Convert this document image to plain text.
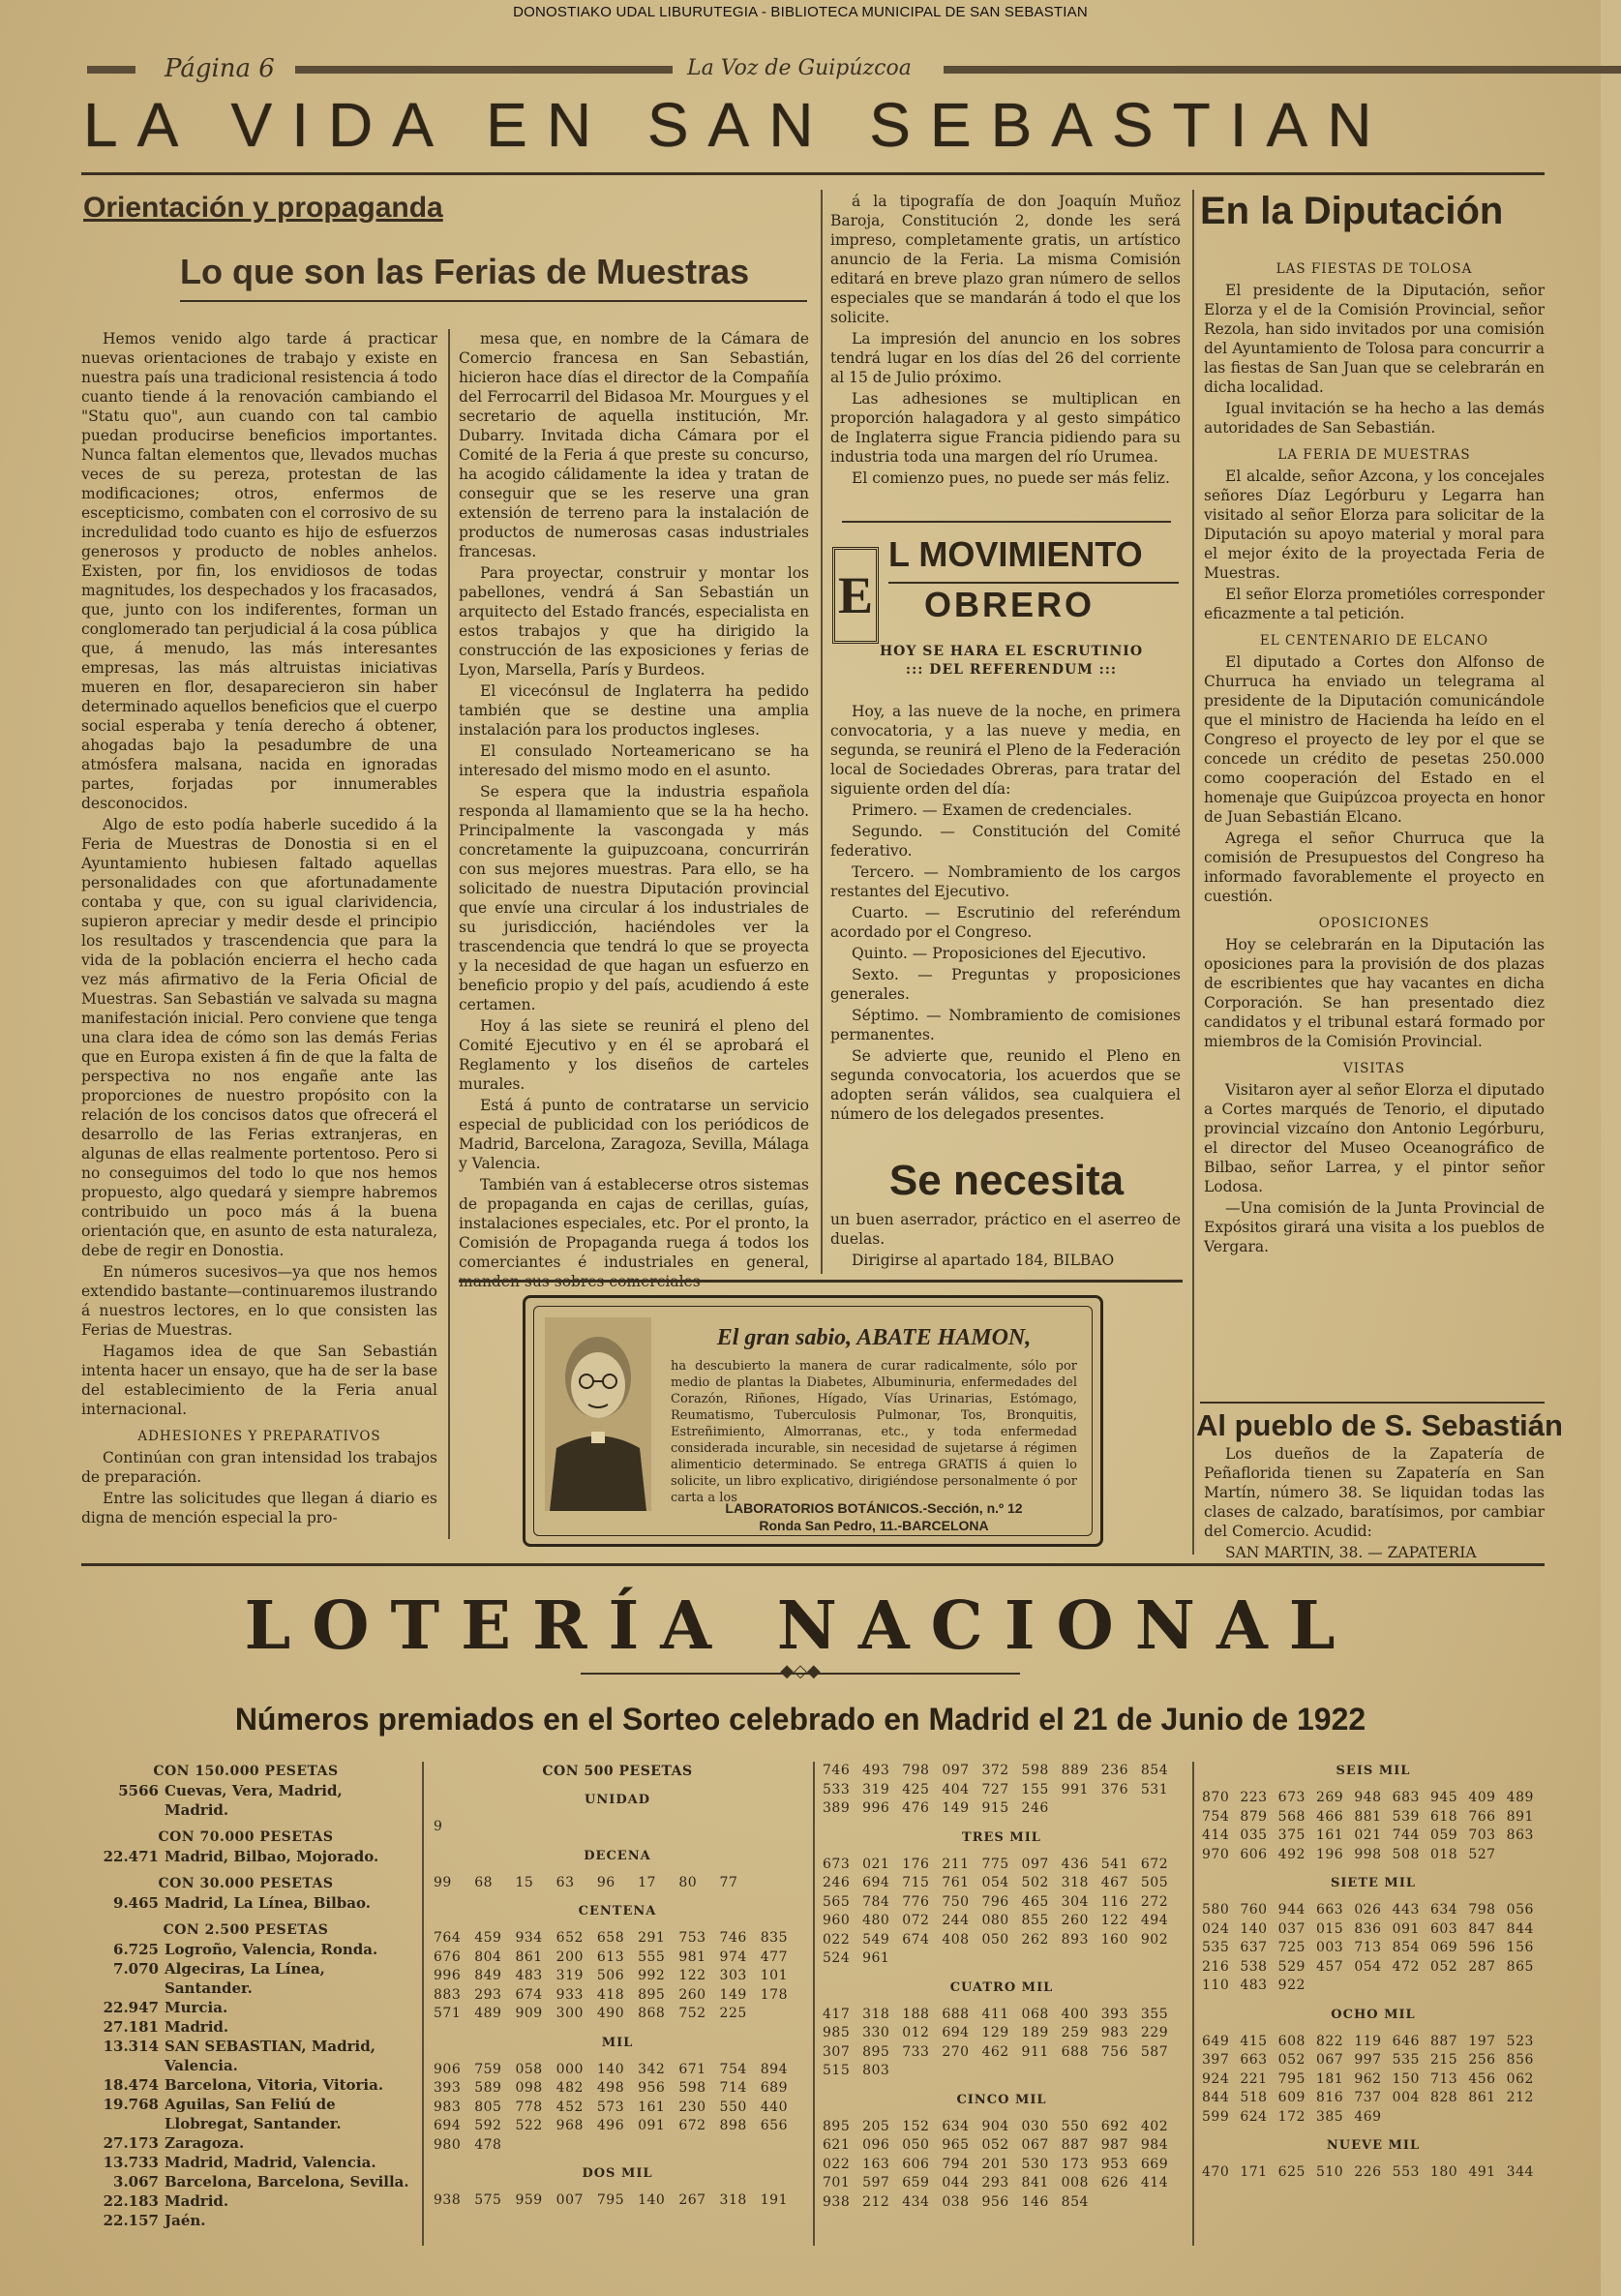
DONOSTIAKO UDAL LIBURUTEGIA - BIBLIOTECA MUNICIPAL DE SAN SEBASTIAN
Página 6	La Voz de Guipúzcoa
LA VIDA EN SAN SEBASTIAN
Orientación y propaganda
Lo que son las Ferias de Muestras

Hemos venido algo tarde á practicar nuevas orientaciones de trabajo y existe en nuestra país una tradicional resistencia á todo cuanto tiende á la renovación cambiando el "Statu quo", aun cuando con tal cambio puedan producirse beneficios importantes. Nunca faltan elementos que, llevados muchas veces de su pereza, protestan de las modificaciones; otros, enfermos de escepticismo, combaten con el corrosivo de su incredulidad todo cuanto es hijo de esfuerzos generosos y producto de nobles anhelos. Existen, por fin, los envidiosos de todas magnitudes, los despechados y los fracasados, que, junto con los indiferentes, forman un conglomerado tan perjudicial á la cosa pública que, á menudo, las más interesantes empresas, las más altruistas iniciativas mueren en flor, desaparecieron sin haber determinado aquellos beneficios que el cuerpo social esperaba y tenía derecho á obtener, ahogadas bajo la pesadumbre de una atmósfera malsana, nacida en ignoradas partes, forjadas por innumerables desconocidos.

Algo de esto podía haberle sucedido á la Feria de Muestras de Donostia si en el Ayuntamiento hubiesen faltado aquellas personalidades con que afortunadamente contaba y que, con su igual clarividencia, supieron apreciar y medir desde el principio los resultados y trascendencia que para la vida de la población encierra el hecho cada vez más afirmativo de la Feria Oficial de Muestras. San Sebastián ve salvada su magna manifestación inicial. Pero conviene que tenga una clara idea de cómo son las demás Ferias que en Europa existen á fin de que la falta de perspectiva no nos engañe ante las proporciones de nuestro propósito con la relación de los concisos datos que ofrecerá el desarrollo de las Ferias extranjeras, en algunas de ellas realmente portentoso. Pero si no conseguimos del todo lo que nos hemos propuesto, algo quedará y siempre habremos contribuido un poco más á la buena orientación que, en asunto de esta naturaleza, debe de regir en Donostia.

En números sucesivos—ya que nos hemos extendido bastante—continuaremos ilustrando á nuestros lectores, en lo que consisten las Ferias de Muestras.

Hagamos idea de que San Sebastián intenta hacer un ensayo, que ha de ser la base del establecimiento de la Feria anual internacional.

ADHESIONES Y PREPARATIVOS

Continúan con gran intensidad los trabajos de preparación.

Entre las solicitudes que llegan á diario es digna de mención especial la pro-

mesa que, en nombre de la Cámara de Comercio francesa en San Sebastián, hicieron hace días el director de la Compañía del Ferrocarril del Bidasoa Mr. Mourgues y el secretario de aquella institución, Mr. Dubarry. Invitada dicha Cámara por el Comité de la Feria á que preste su concurso, ha acogido cálidamente la idea y tratan de conseguir que se les reserve una gran extensión de terreno para la instalación de productos de numerosas casas industriales francesas.

Para proyectar, construir y montar los pabellones, vendrá á San Sebastián un arquitecto del Estado francés, especialista en estos trabajos y que ha dirigido la construcción de las exposiciones y ferias de Lyon, Marsella, París y Burdeos.

El vicecónsul de Inglaterra ha pedido también que se destine una amplia instalación para los productos ingleses.

El consulado Norteamericano se ha interesado del mismo modo en el asunto.

Se espera que la industria española responda al llamamiento que se la ha hecho. Principalmente la vascongada y más concretamente la guipuzcoana, concurrirán con sus mejores muestras. Para ello, se ha solicitado de nuestra Diputación provincial que envíe una circular á los industriales de su jurisdicción, haciéndoles ver la trascendencia que tendrá lo que se proyecta y la necesidad de que hagan un esfuerzo en beneficio propio y del país, acudiendo á este certamen.

Hoy á las siete se reunirá el pleno del Comité Ejecutivo y en él se aprobará el Reglamento y los diseños de carteles murales.

Está á punto de contratarse un servicio especial de publicidad con los periódicos de Madrid, Barcelona, Zaragoza, Sevilla, Málaga y Valencia.

También van á establecerse otros sistemas de propaganda en cajas de cerillas, guías, instalaciones especiales, etc. Por el pronto, la Comisión de Propaganda ruega á todos los comerciantes é industriales en general,

á la tipografía de don Joaquín Muñoz Baroja, Constitución 2, donde les será impreso, completamente gratis, un artístico anuncio de la Feria. La misma Comisión editará en breve plazo gran número de sellos especiales que se mandarán á todo el que los solicite.

La impresión del anuncio en los sobres tendrá lugar en los días del 26 del corriente al 15 de Julio próximo.

Las adhesiones se multiplican en proporción halagadora y al gesto simpático de Inglaterra sigue Francia pidiendo para su industria toda una margen del río Urumea.

El comienzo pues, no puede ser más feliz.

E
L MOVIMIENTO
OBRERO
HOY SE HARA EL ESCRUTINIO
::: DEL REFERENDUM :::

Hoy, a las nueve de la noche, en primera convocatoria, y a las nueve y media, en segunda, se reunirá el Pleno de la Federación local de Sociedades Obreras, para tratar del siguiente orden del día:

Primero. — Examen de credenciales.

Segundo. — Constitución del Comité federativo.

Tercero. — Nombramiento de los cargos restantes del Ejecutivo.

Cuarto. — Escrutinio del referéndum acordado por el Congreso.

Quinto. — Proposiciones del Ejecutivo.

Sexto. — Preguntas y proposiciones generales.

Séptimo. — Nombramiento de comisiones permanentes.

Se advierte que, reunido el Pleno en segunda convocatoria, los acuerdos que se adopten serán válidos, sea cualquiera el número de los delegados presentes.

Se necesita

un buen aserrador, práctico en el aserreo de duelas.

Dirigirse al apartado 184, BILBAO

En la Diputación

LAS FIESTAS DE TOLOSA

El presidente de la Diputación, señor Elorza y el de la Comisión Provincial, señor Rezola, han sido invitados por una comisión del Ayuntamiento de Tolosa para concurrir a las fiestas de San Juan que se celebrarán en dicha localidad.

Igual invitación se ha hecho a las demás autoridades de San Sebastián.

LA FERIA DE MUESTRAS

El alcalde, señor Azcona, y los concejales señores Díaz Legórburu y Legarra han visitado al señor Elorza para solicitar de la Diputación su apoyo material y moral para el mejor éxito de la proyectada Feria de Muestras.

El señor Elorza prometióles corresponder eficazmente a tal petición.

EL CENTENARIO DE ELCANO

El diputado a Cortes don Alfonso de Churruca ha enviado un telegrama al presidente de la Diputación comunicándole que el ministro de Hacienda ha leído en el Congreso el proyecto de ley por el que se concede un crédito de pesetas 250.000 como cooperación del Estado en el homenaje que Guipúzcoa proyecta en honor de Juan Sebastián Elcano.

Agrega el señor Churruca que la comisión de Presupuestos del Congreso ha informado favorablemente el proyecto en cuestión.

OPOSICIONES

Hoy se celebrarán en la Diputación las oposiciones para la provisión de dos plazas de escribientes que hay vacantes en dicha Corporación. Se han presentado diez candidatos y el tribunal estará formado por miembros de la Comisión Provincial.

VISITAS

Visitaron ayer al señor Elorza el diputado a Cortes marqués de Tenorio, el diputado provincial vizcaíno don Antonio Legórburu, el director del Museo Oceanográfico de Bilbao, señor Larrea, y el pintor señor Lodosa.

—Una comisión de la Junta Provincial de Expósitos girará una visita a los pueblos de Vergara.

Al pueblo de S. Sebastián

Los dueños de la Zapatería de Peñaflorida tienen su Zapatería en San Martín, número 38. Se liquidan todas las clases de calzado, baratísimos, por cambiar del Comercio. Acudid:

SAN MARTIN, 38. — ZAPATERIA

El gran sabio, ABATE HAMON,
ha descubierto la manera de curar radicalmente, sólo por medio de plantas la Diabetes, Albuminuria, enfermedades del Corazón, Riñones, Hígado, Vías Urinarias, Estómago, Reumatismo, Tuberculosis Pulmonar, Tos, Bronquitis, Estreñimiento, Almorranas, etc., y toda enfermedad considerada incurable, sin necesidad de sujetarse á régimen alimenticio determinado. Se entrega GRATIS á quien lo solicite, un libro explicativo, dirigiéndose personalmente ó por carta a los
LABORATORIOS BOTÁNICOS.-Sección, n.º 12
Ronda San Pedro, 11.-BARCELONA
LOTERÍA NACIONAL
◆◇◆
Números premiados en el Sorteo celebrado en Madrid el 21 de Junio de 1922
CON 150.000 PESETAS
5566 Cuevas, Vera, Madrid, Madrid.
CON 70.000 PESETAS
22.471 Madrid, Bilbao, Mojorado.
CON 30.000 PESETAS
9.465 Madrid, La Línea, Bilbao.
CON 2.500 PESETAS
6.725 Logroño, Valencia, Ronda.
7.070 Algeciras, La Línea, Santander.
22.947 Murcia.
27.181 Madrid.
13.314 SAN SEBASTIAN, Madrid, Valencia.
18.474 Barcelona, Vitoria, Vitoria.
19.768 Aguilas, San Feliú de Llobregat, Santander.
27.173 Zaragoza.
13.733 Madrid, Madrid, Valencia.
3.067 Barcelona, Barcelona, Sevilla.
22.183 Madrid.
22.157 Jaén.
CON 500 PESETAS
UNIDAD
9
DECENA
99	68	15	63	96	17	80	77
CENTENA
764 459 934 652 658	291 753 746 835
676 804 861 200 613	555 981 974 477
996 849 483 319 506	992 122 303 101
883 293 674 933 418	895 260 149 178
571 489 909 300 490	868 752 225
MIL
906 759 058 000 140	342 671 754 894
393 589 098 482 498	956 598 714 689
983 805 778 452 573	161 230 550 440
694 592 522 968 496	091 672 898 656
980 478
DOS MIL
938 575 959 007 795	140 267 318 191
746 493 798 097 372 598 889 236 854
533 319 425 404 727 155 991 376 531
389 996 476 149 915 246
TRES MIL
673 021 176 211 775 097 436 541 672
246 694 715 761 054 502 318 467 505
565 784 776 750 796 465 304 116 272
960 480 072 244 080 855 260 122 494
022 549 674 408 050 262 893 160 902
524 961
CUATRO MIL
417 318 188 688 411 068 400 393 355
985 330 012 694 129 189 259 983 229
307 895 733 270 462 911 688 756 587
515 803
CINCO MIL
895 205 152 634 904 030 550 692 402
621 096 050 965 052 067 887 987 984
022 163 606 794 201 530 173 953 669
701 597 659 044 293 841 008 626 414
938 212 434 038 956 146 854
SEIS MIL
870 223 673 269 948 683 945 409 489
754 879 568 466 881 539 618 766 891
414 035 375 161 021 744 059 703 863
970 606 492 196 998 508 018 527
SIETE MIL
580 760 944 663 026 443 634 798 056
024 140 037 015 836 091 603 847 844
535 637 725 003 713 854 069 596 156
216 538 529 457 054 472 052 287 865
110 483 922
OCHO MIL
649 415 608 822 119 646 887 197 523
397 663 052 067 997 535 215 256 856
924 221 795 181 962 150 713 456 062
844 518 609 816 737 004 828 861 212
599 624 172 385 469
NUEVE MIL
470 171 625 510 226 553 180 491 344
